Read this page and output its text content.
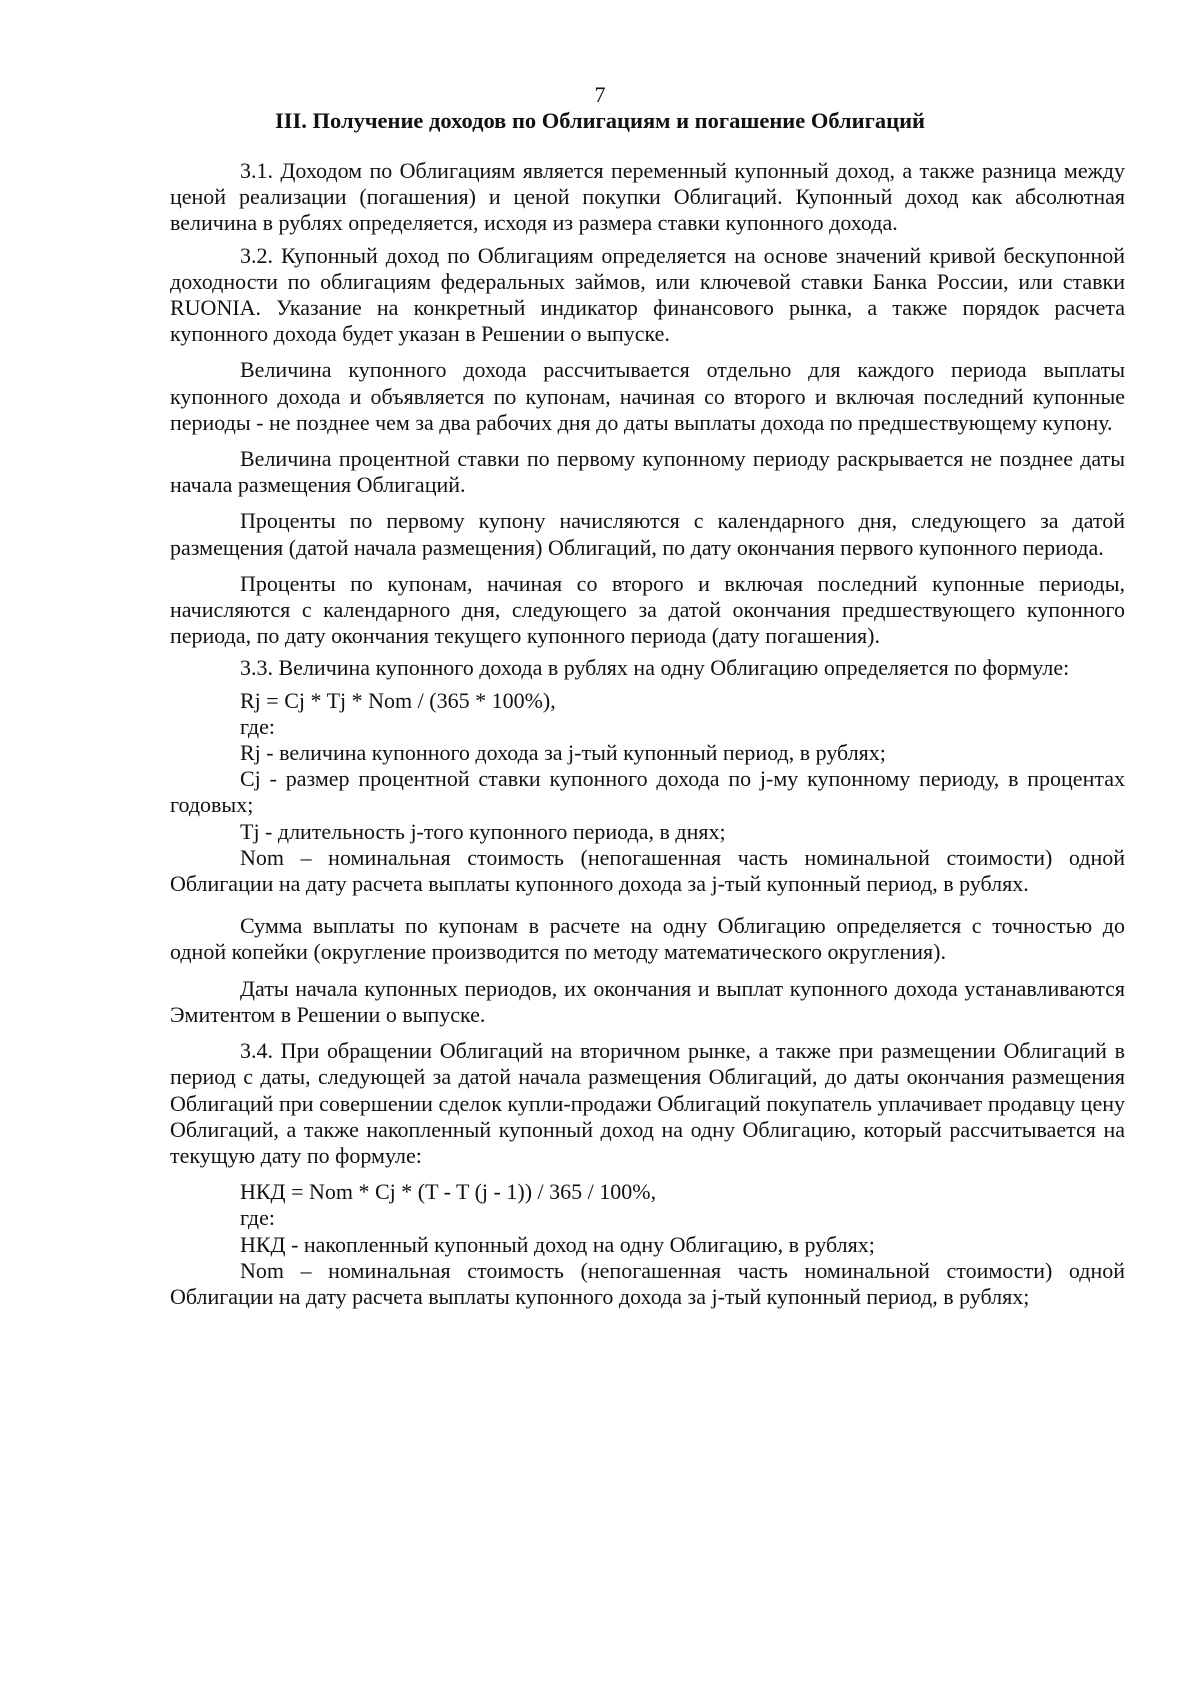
7
III. Получение доходов по Облигациям и погашение Облигаций

3.1. Доходом по Облигациям является переменный купонный доход, а также разница между ценой реализации (погашения) и ценой покупки Облигаций. Купонный доход как абсолютная величина в рублях определяется, исходя из размера ставки купонного дохода.

3.2. Купонный доход по Облигациям определяется на основе значений кривой бескупонной доходности по облигациям федеральных займов, или ключевой ставки Банка России, или ставки RUONIA. Указание на конкретный индикатор финансового рынка, а также порядок расчета купонного дохода будет указан в Решении о выпуске.

Величина купонного дохода рассчитывается отдельно для каждого периода выплаты купонного дохода и объявляется по купонам, начиная со второго и включая последний купонные периоды - не позднее чем за два рабочих дня до даты выплаты дохода по предшествующему купону.

Величина процентной ставки по первому купонному периоду раскрывается не позднее даты начала размещения Облигаций.

Проценты по первому купону начисляются с календарного дня, следующего за датой размещения (датой начала размещения) Облигаций, по дату окончания первого купонного периода.

Проценты по купонам, начиная со второго и включая последний купонные периоды, начисляются с календарного дня, следующего за датой окончания предшествующего купонного периода, по дату окончания текущего купонного периода (дату погашения).

3.3. Величина купонного дохода в рублях на одну Облигацию определяется по формуле:

Rj = Cj * Tj * Nom / (365 * 100%),

где:

Rj - величина купонного дохода за j-тый купонный период, в рублях;

Cj - размер процентной ставки купонного дохода по j-му купонному периоду, в процентах годовых;

Tj - длительность j-того купонного периода, в днях;

Nom – номинальная стоимость (непогашенная часть номинальной стоимости) одной Облигации на дату расчета выплаты купонного дохода за j-тый купонный период, в рублях.

Сумма выплаты по купонам в расчете на одну Облигацию определяется с точностью до одной копейки (округление производится по методу математического округления).

Даты начала купонных периодов, их окончания и выплат купонного дохода устанавливаются Эмитентом в Решении о выпуске.

3.4. При обращении Облигаций на вторичном рынке, а также при размещении Облигаций в период с даты, следующей за датой начала размещения Облигаций, до даты окончания размещения Облигаций при совершении сделок купли-продажи Облигаций покупатель уплачивает продавцу цену Облигаций, а также накопленный купонный доход на одну Облигацию, который рассчитывается на текущую дату по формуле:

НКД = Nom * Cj * (T - T (j - 1)) / 365 / 100%,

где:

НКД - накопленный купонный доход на одну Облигацию, в рублях;

Nom – номинальная стоимость (непогашенная часть номинальной стоимости) одной Облигации на дату расчета выплаты купонного дохода за j-тый купонный период, в рублях;
